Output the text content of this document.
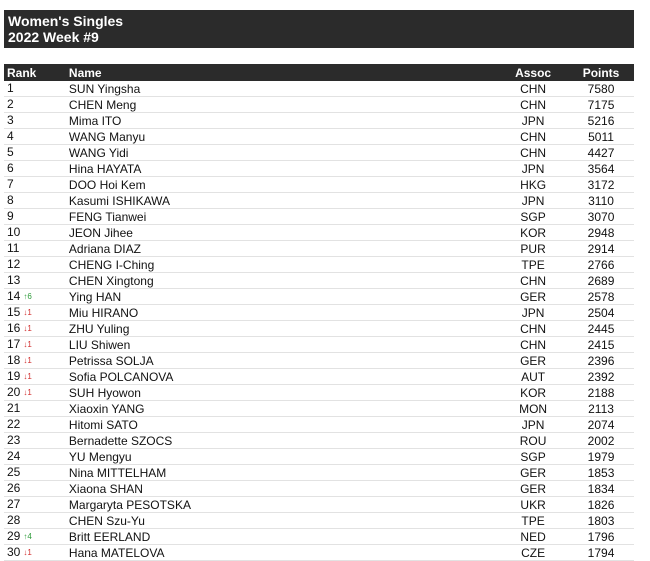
Women's Singles
2022 Week #9
Rank	Name	Assoc	Points
1	SUN Yingsha	CHN	7580
2	CHEN Meng	CHN	7175
3	Mima ITO	JPN	5216
4	WANG Manyu	CHN	5011
5	WANG Yidi	CHN	4427
6	Hina HAYATA	JPN	3564
7	DOO Hoi Kem	HKG	3172
8	Kasumi ISHIKAWA	JPN	3110
9	FENG Tianwei	SGP	3070
10	JEON Jihee	KOR	2948
11	Adriana DIAZ	PUR	2914
12	CHENG I-Ching	TPE	2766
13	CHEN Xingtong	CHN	2689
14 ↑6	Ying HAN	GER	2578
15 ↓1	Miu HIRANO	JPN	2504
16 ↓1	ZHU Yuling	CHN	2445
17 ↓1	LIU Shiwen	CHN	2415
18 ↓1	Petrissa SOLJA	GER	2396
19 ↓1	Sofia POLCANOVA	AUT	2392
20 ↓1	SUH Hyowon	KOR	2188
21	Xiaoxin YANG	MON	2113
22	Hitomi SATO	JPN	2074
23	Bernadette SZOCS	ROU	2002
24	YU Mengyu	SGP	1979
25	Nina MITTELHAM	GER	1853
26	Xiaona SHAN	GER	1834
27	Margaryta PESOTSKA	UKR	1826
28	CHEN Szu-Yu	TPE	1803
29 ↑4	Britt EERLAND	NED	1796
30 ↓1	Hana MATELOVA	CZE	1794
